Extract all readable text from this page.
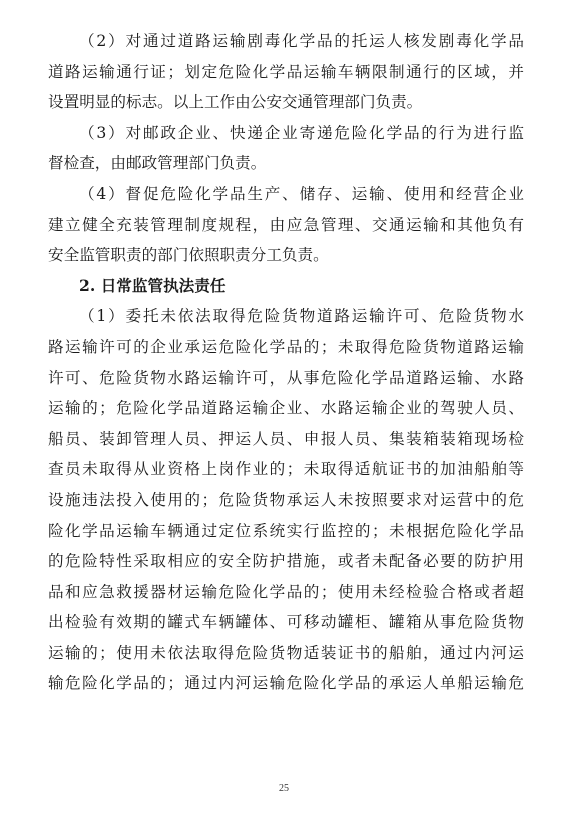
（2）对通过道路运输剧毒化学品的托运人核发剧毒化学品
道路运输通行证；划定危险化学品运输车辆限制通行的区域，并
设置明显的标志。以上工作由公安交通管理部门负责。
（3）对邮政企业、快递企业寄递危险化学品的行为进行监
督检查，由邮政管理部门负责。
（4）督促危险化学品生产、储存、运输、使用和经营企业
建立健全充装管理制度规程，由应急管理、交通运输和其他负有
安全监管职责的部门依照职责分工负责。
2. 日常监管执法责任
（1）委托未依法取得危险货物道路运输许可、危险货物水
路运输许可的企业承运危险化学品的；未取得危险货物道路运输
许可、危险货物水路运输许可，从事危险化学品道路运输、水路
运输的；危险化学品道路运输企业、水路运输企业的驾驶人员、
船员、装卸管理人员、押运人员、申报人员、集装箱装箱现场检
查员未取得从业资格上岗作业的；未取得适航证书的加油船舶等
设施违法投入使用的；危险货物承运人未按照要求对运营中的危
险化学品运输车辆通过定位系统实行监控的；未根据危险化学品
的危险特性采取相应的安全防护措施，或者未配备必要的防护用
品和应急救援器材运输危险化学品的；使用未经检验合格或者超
出检验有效期的罐式车辆罐体、可移动罐柜、罐箱从事危险货物
运输的；使用未依法取得危险货物适装证书的船舶，通过内河运
输危险化学品的；通过内河运输危险化学品的承运人单船运输危
25
